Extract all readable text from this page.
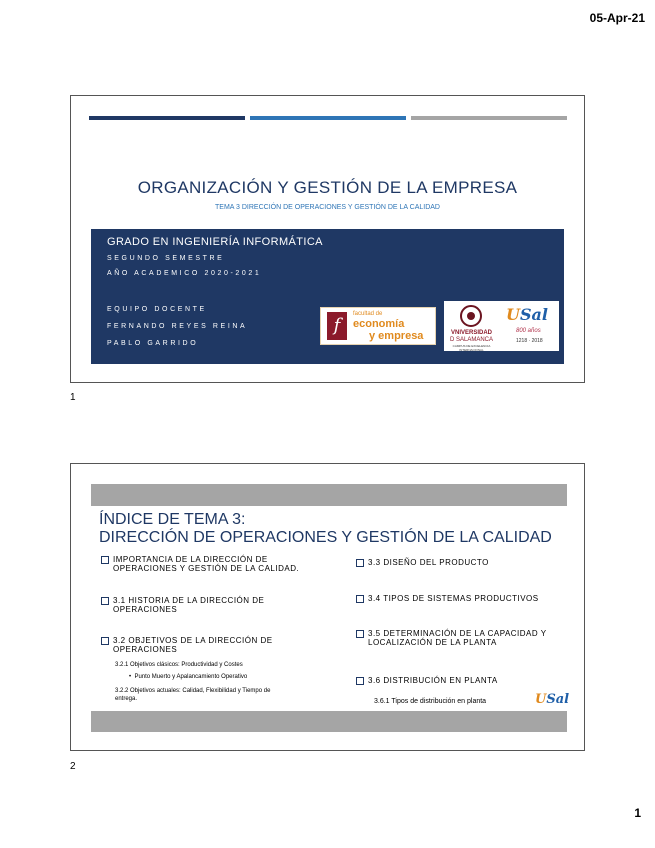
05-Apr-21
ORGANIZACIÓN Y GESTIÓN DE LA EMPRESA
TEMA 3 DIRECCIÓN DE OPERACIONES Y GESTIÓN DE LA CALIDAD
GRADO EN INGENIERÍA INFORMÁTICA
SEGUNDO SEMESTRE
AÑO ACADEMICO 2020-2021
EQUIPO DOCENTE
FERNANDO REYES REINA
PABLO GARRIDO
f
facultad de
economía
y empresa	VNIVERSIDAD
D SALAMANCA
CAMPUS DE EXCELENCIA INTERNACIONAL
USal
800 años
1218 · 2018
1
ÍNDICE DE TEMA 3:
DIRECCIÓN DE OPERACIONES Y GESTIÓN DE LA CALIDAD
IMPORTANCIA DE LA DIRECCIÓN DE
OPERACIONES Y GESTIÓN DE LA CALIDAD.
3.1 HISTORIA DE LA DIRECCIÓN DE
OPERACIONES
3.2 OBJETIVOS DE LA DIRECCIÓN DE
OPERACIONES
3.2.1 Objetivos clásicos: Productividad y Costes
•  Punto Muerto y Apalancamiento Operativo
3.2.2 Objetivos actuales: Calidad, Flexibilidad y Tiempo de
entrega.
3.3 DISEÑO DEL PRODUCTO
3.4 TIPOS DE SISTEMAS PRODUCTIVOS
3.5 DETERMINACIÓN DE LA CAPACIDAD Y
LOCALIZACIÓN DE LA PLANTA
3.6 DISTRIBUCIÓN EN PLANTA
3.6.1 Tipos de distribución en planta	USal
2
1
